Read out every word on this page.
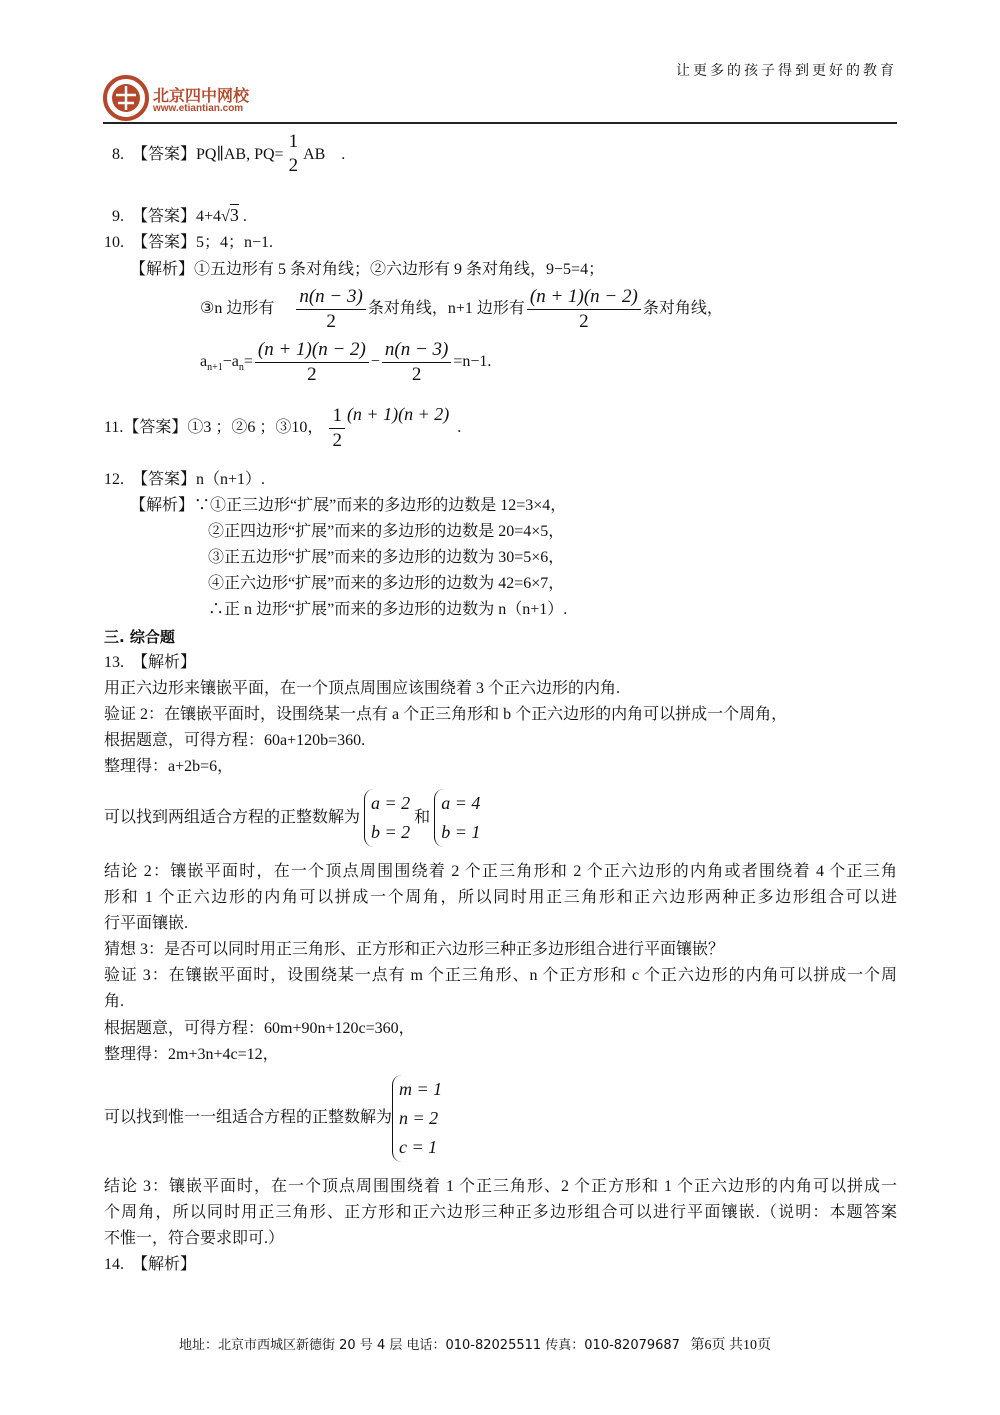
让更多的孩子得到更好的教育
北京四中网校
www.etiantian.com
8. 【答案】PQ∥AB, PQ=
1
2
AB　.
9. 【答案】4+4√3 .
10. 【答案】5；4；n−1.
【解析】①五边形有 5 条对角线；②六边形有 9 条对角线，9−5=4；
③n 边形有 $\frac{n(n - 3)}{2}$ 条对角线，n+1 边形有 $\frac{(n + 1)(n - 2)}{2}$ 条对角线，
$a_{n+1}-a_n= \frac{(n + 1)(n - 2)}{2} - \frac{n(n - 3)}{2} =n-1$.
11.【答案】①3 ；②6 ；③10， $\frac{1}{2} (n + 1)(n + 2)$  .
12. 【答案】n（n+1）.
【解析】∵①正三边形“扩展”而来的多边形的边数是 12=3×4，
②正四边形“扩展”而来的多边形的边数是 20=4×5，
③正五边形“扩展”而来的多边形的边数为 30=5×6，
④正六边形“扩展”而来的多边形的边数为 42=6×7，
∴正 n 边形“扩展”而来的多边形的边数为 n（n+1）.
三. 综合题
13. 【解析】
用正六边形来镶嵌平面，在一个顶点周围应该围绕着 3 个正六边形的内角.
验证 2：在镶嵌平面时，设围绕某一点有 a 个正三角形和 b 个正六边形的内角可以拼成一个周角，
根据题意，可得方程：60a+120b=360.
整理得：a+2b=6，
可以找到两组适合方程的正整数解为 a = 2
b = 2 和 a = 4
b = 1
结论 2：镶嵌平面时，在一个顶点周围围绕着 2 个正三角形和 2 个正六边形的内角或者围绕着 4 个正三角
形和 1 个正六边形的内角可以拼成一个周角，所以同时用正三角形和正六边形两种正多边形组合可以进
行平面镶嵌.
猜想 3：是否可以同时用正三角形、正方形和正六边形三种正多边形组合进行平面镶嵌？
验证 3：在镶嵌平面时，设围绕某一点有 m 个正三角形、n 个正方形和 c 个正六边形的内角可以拼成一个周
角.
根据题意，可得方程：60m+90n+120c=360，
整理得：2m+3n+4c=12，
可以找到惟一一组适合方程的正整数解为m = 1
n = 2
c = 1
结论 3：镶嵌平面时，在一个顶点周围围绕着 1 个正三角形、2 个正方形和 1 个正六边形的内角可以拼成一
个周角，所以同时用正三角形、正方形和正六边形三种正多边形组合可以进行平面镶嵌.（说明：本题答案
不惟一，符合要求即可.）
14. 【解析】
地址：北京市西城区新德街 20 号 4 层 电话：010-82025511 传真：010-82079687 第6页 共10页
